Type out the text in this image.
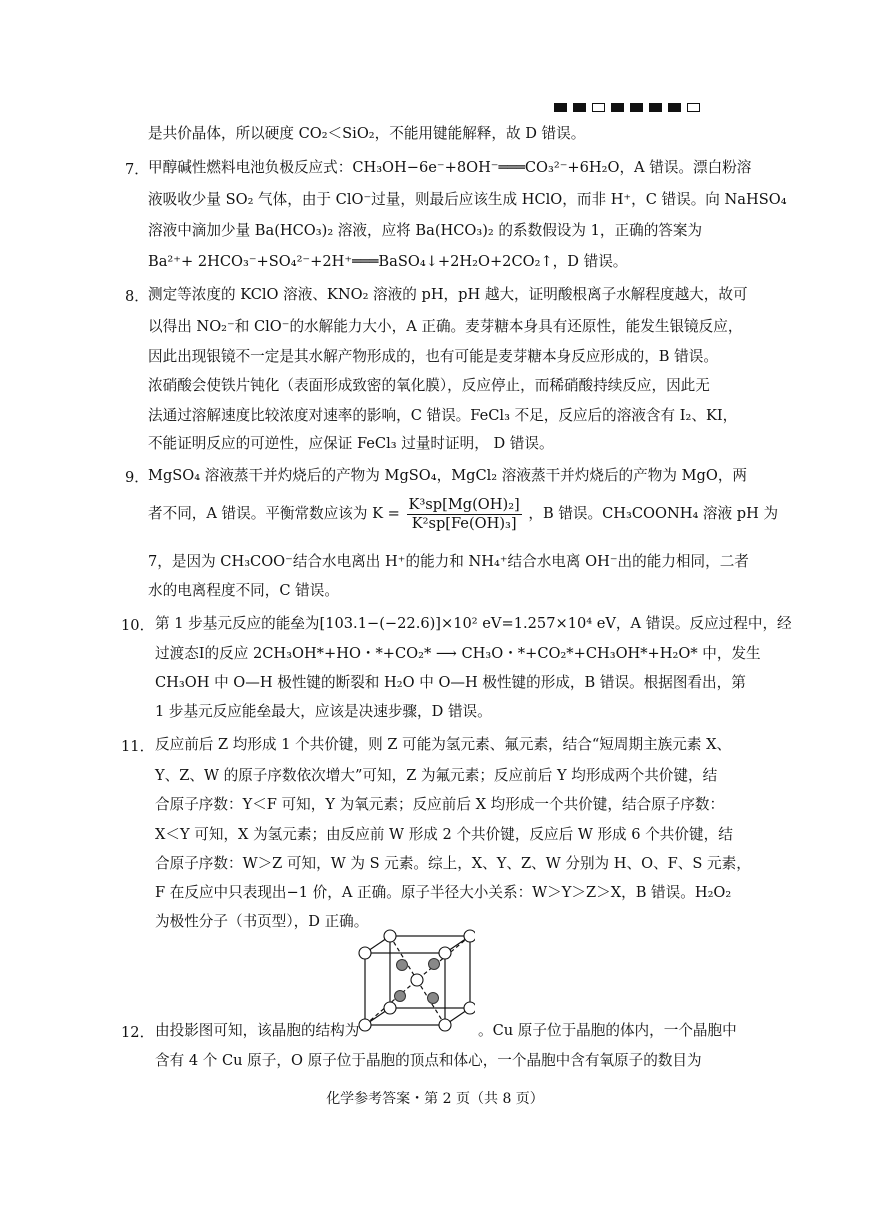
是共价晶体，所以硬度 CO₂＜SiO₂，不能用键能解释，故 D 错误。
7． 甲醇碱性燃料电池负极反应式：CH₃OH−6e⁻+8OH⁻═══CO₃²⁻+6H₂O，A 错误。漂白粉溶
液吸收少量 SO₂ 气体，由于 ClO⁻过量，则最后应该生成 HClO，而非 H⁺，C 错误。向 NaHSO₄
溶液中滴加少量 Ba(HCO₃)₂ 溶液，应将 Ba(HCO₃)₂ 的系数假设为 1，正确的答案为
Ba²⁺+ 2HCO₃⁻+SO₄²⁻+2H⁺═══BaSO₄↓+2H₂O+2CO₂↑，D 错误。
8． 测定等浓度的 KClO 溶液、KNO₂ 溶液的 pH，pH 越大，证明酸根离子水解程度越大，故可
以得出 NO₂⁻和 ClO⁻的水解能力大小，A 正确。麦芽糖本身具有还原性，能发生银镜反应，
因此出现银镜不一定是其水解产物形成的，也有可能是麦芽糖本身反应形成的，B 错误。
浓硝酸会使铁片钝化（表面形成致密的氧化膜），反应停止，而稀硝酸持续反应，因此无
法通过溶解速度比较浓度对速率的影响，C 错误。FeCl₃ 不足，反应后的溶液含有 I₂、KI，
不能证明反应的可逆性，应保证 FeCl₃ 过量时证明， D 错误。
9． MgSO₄ 溶液蒸干并灼烧后的产物为 MgSO₄，MgCl₂ 溶液蒸干并灼烧后的产物为 MgO，两
者不同，A 错误。平衡常数应该为 $K = \frac{\text{K³sp[Mg(OH)₂]}}{\text{K²sp[Fe(OH)₃]}}$ ，B 错误。CH₃COONH₄ 溶液 pH 为
7，是因为 CH₃COO⁻结合水电离出 H⁺的能力和 NH₄⁺结合水电离 OH⁻出的能力相同，二者
水的电离程度不同，C 错误。
10． 第 1 步基元反应的能垒为[103.1−(−22.6)]×10² eV=1.257×10⁴ eV，A 错误。反应过程中，经
过渡态Ⅰ的反应 2CH₃OH*+HO・*+CO₂* ⟶ CH₃O・*+CO₂*+CH₃OH*+H₂O* 中，发生
CH₃OH 中 O—H 极性键的断裂和 H₂O 中 O—H 极性键的形成，B 错误。根据图看出，第
1 步基元反应能垒最大，应该是决速步骤，D 错误。
11． 反应前后 Z 均形成 1 个共价键，则 Z 可能为氢元素、氟元素，结合“短周期主族元素 X、
Y、Z、W 的原子序数依次增大”可知，Z 为氟元素；反应前后 Y 均形成两个共价键，结
合原子序数：Y＜F 可知，Y 为氧元素；反应前后 X 均形成一个共价键，结合原子序数：
X＜Y 可知，X 为氢元素；由反应前 W 形成 2 个共价键，反应后 W 形成 6 个共价键，结
合原子序数：W＞Z 可知，W 为 S 元素。综上，X、Y、Z、W 分别为 H、O、F、S 元素，
F 在反应中只表现出−1 价，A 正确。原子半径大小关系：W＞Y＞Z＞X，B 错误。H₂O₂
为极性分子（书页型），D 正确。
12． 由投影图可知，该晶胞的结构为	。Cu 原子位于晶胞的体内，一个晶胞中
含有 4 个 Cu 原子，O 原子位于晶胞的顶点和体心，一个晶胞中含有氧原子的数目为
化学参考答案・第 2 页（共 8 页）
